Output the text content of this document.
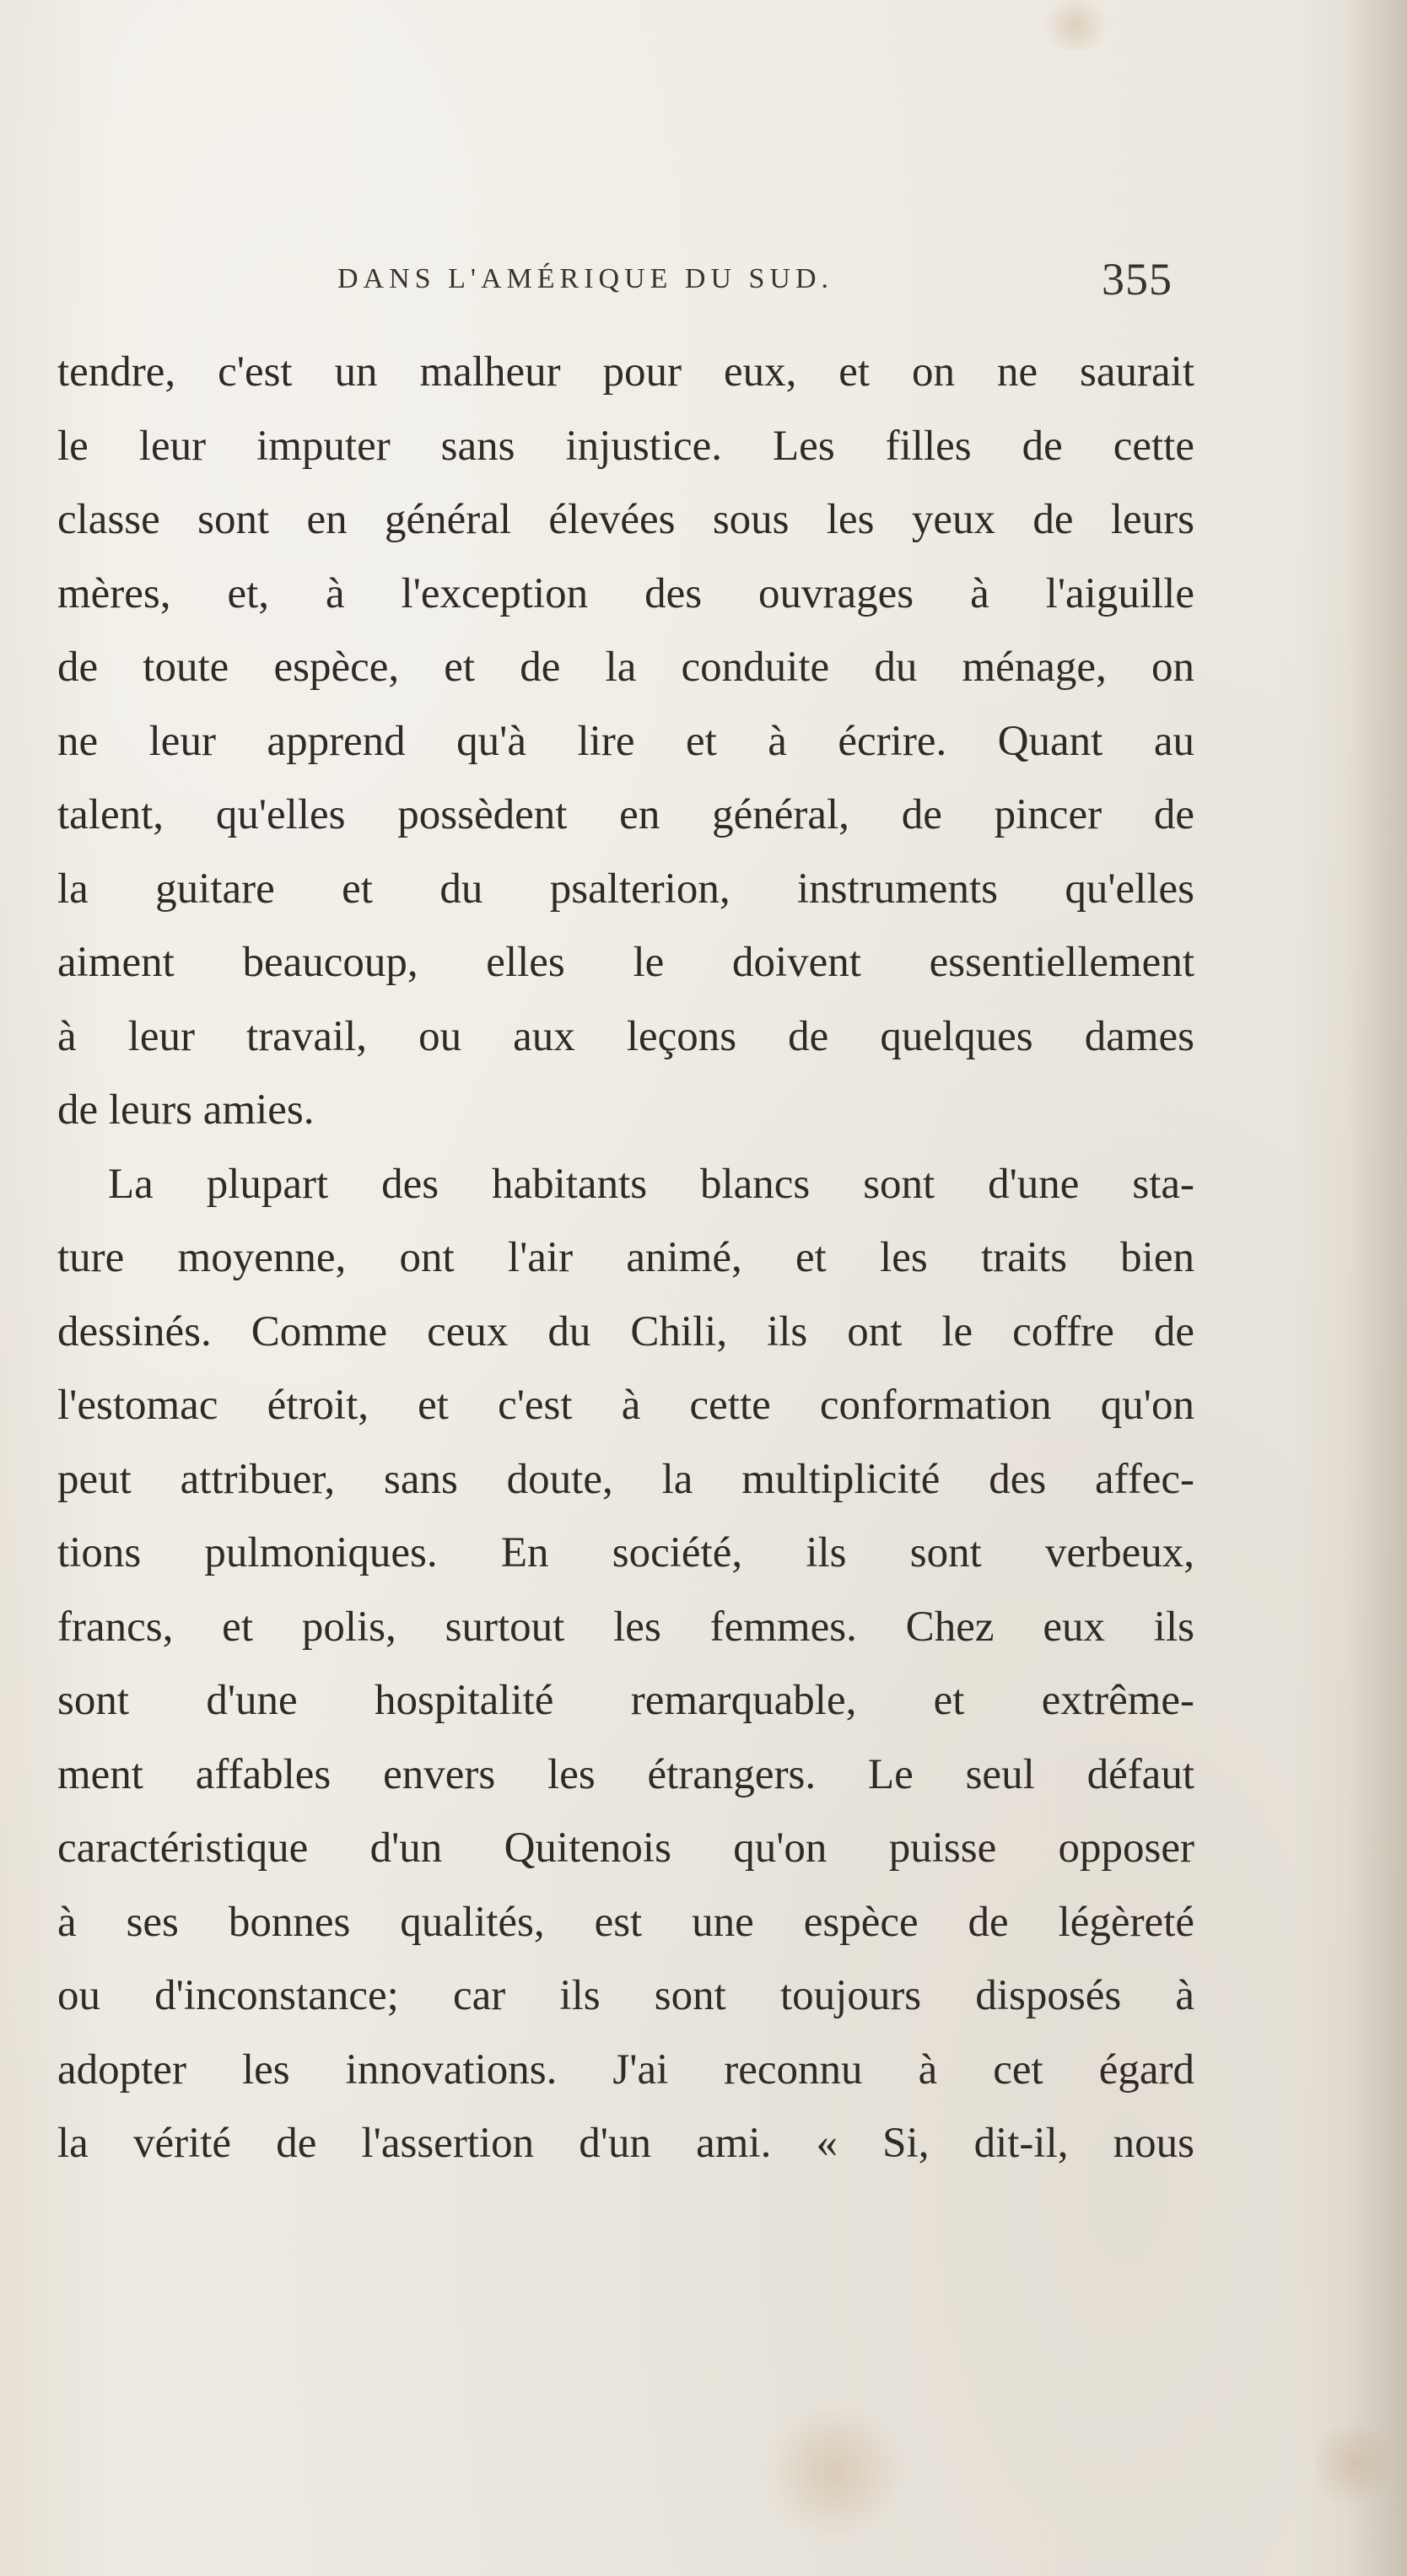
DANS L'AMÉRIQUE DU SUD.	355
tendre, c'est un malheur pour eux, et on ne saurait
le leur imputer sans injustice. Les filles de cette
classe sont en général élevées sous les yeux de leurs
mères, et, à l'exception des ouvrages à l'aiguille
de toute espèce, et de la conduite du ménage, on
ne leur apprend qu'à lire et à écrire. Quant au
talent, qu'elles possèdent en général, de pincer de
la guitare et du psalterion, instruments qu'elles
aiment beaucoup, elles le doivent essentiellement
à leur travail, ou aux leçons de quelques dames
de leurs amies.
La plupart des habitants blancs sont d'une sta-
ture moyenne, ont l'air animé, et les traits bien
dessinés. Comme ceux du Chili, ils ont le coffre de
l'estomac étroit, et c'est à cette conformation qu'on
peut attribuer, sans doute, la multiplicité des affec-
tions pulmoniques. En société, ils sont verbeux,
francs, et polis, surtout les femmes. Chez eux ils
sont d'une hospitalité remarquable, et extrême-
ment affables envers les étrangers. Le seul défaut
caractéristique d'un Quitenois qu'on puisse opposer
à ses bonnes qualités, est une espèce de légèreté
ou d'inconstance; car ils sont toujours disposés à
adopter les innovations. J'ai reconnu à cet égard
la vérité de l'assertion d'un ami. « Si, dit-il, nous
